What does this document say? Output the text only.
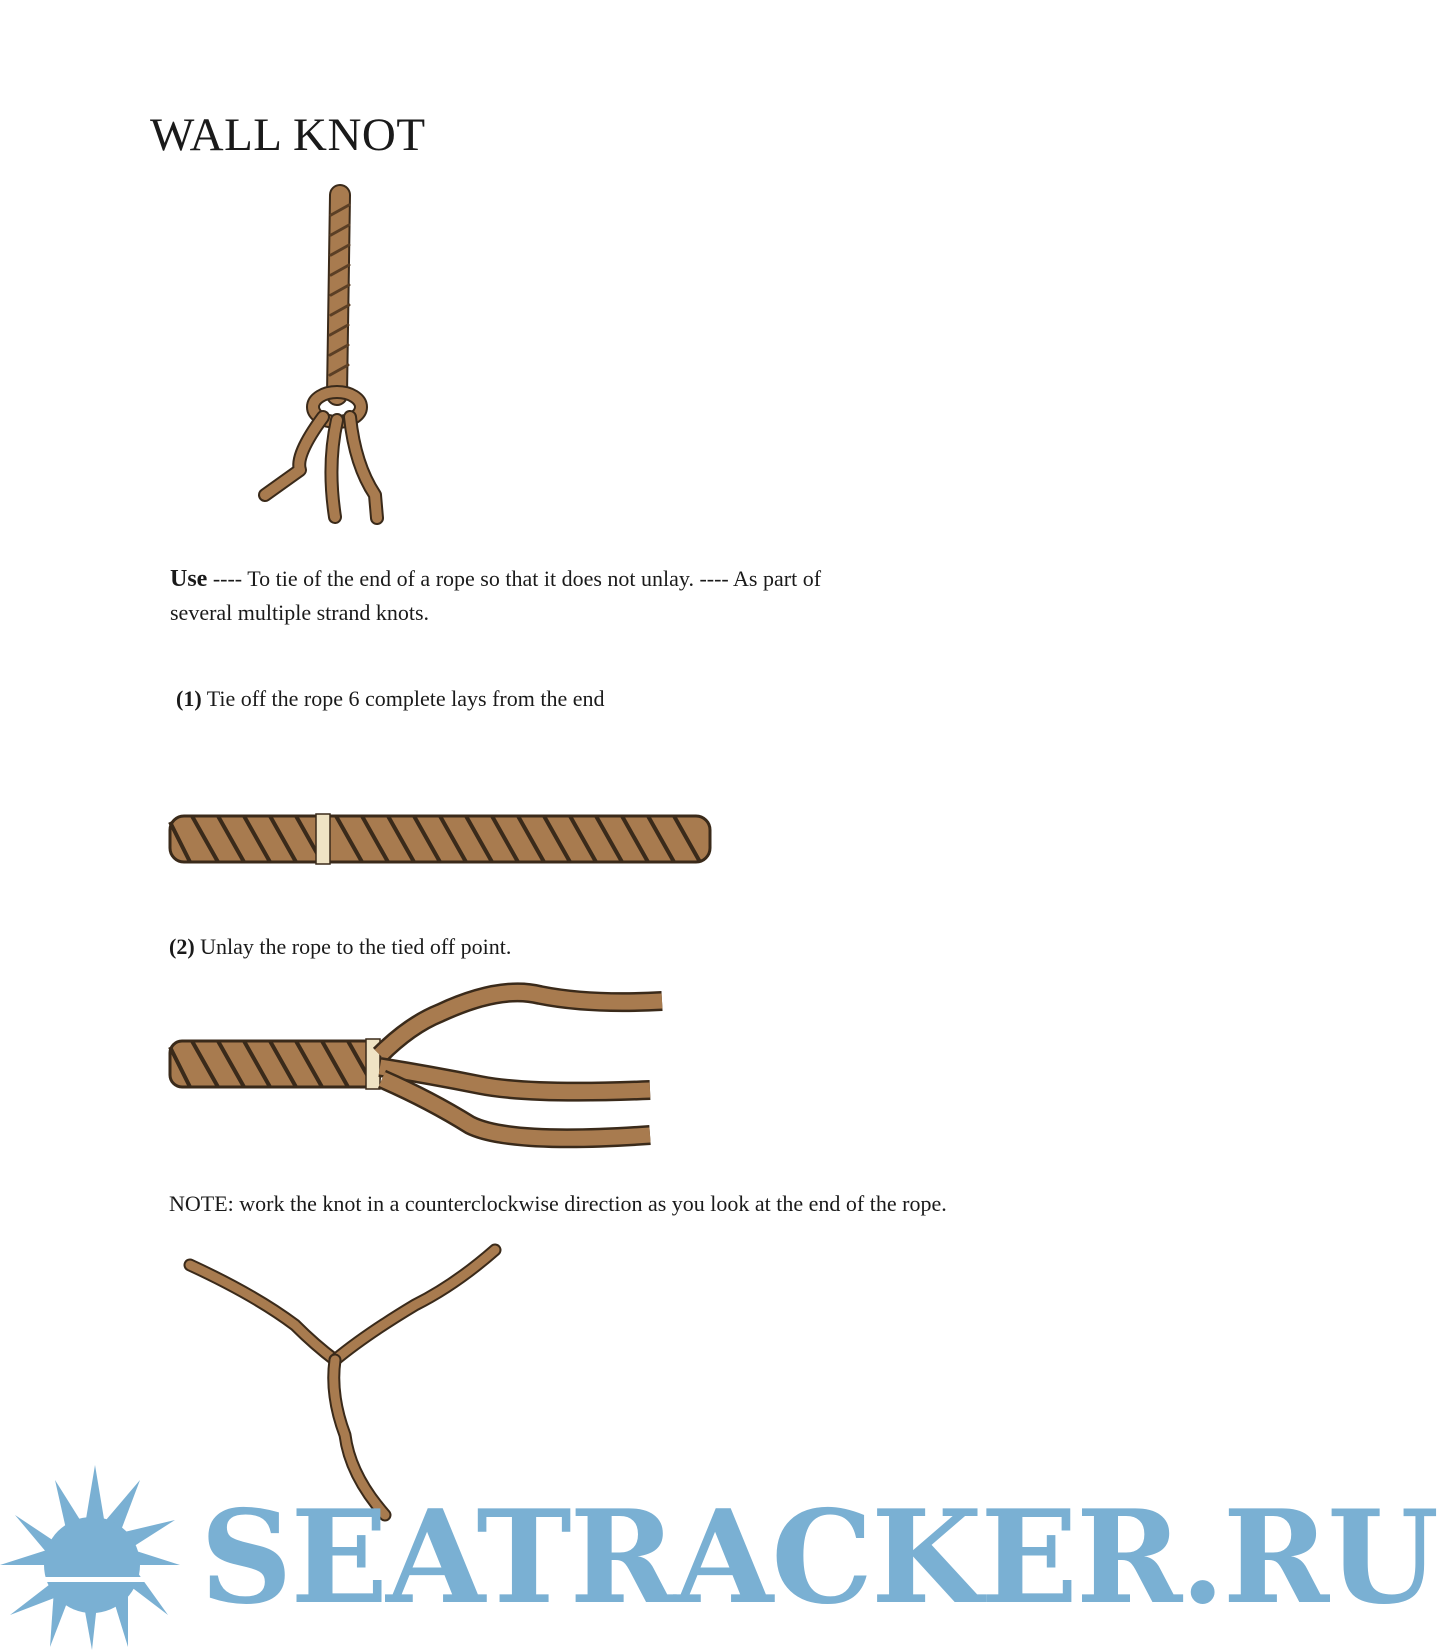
WALL KNOT
Use ---- To tie of the end of a rope so that it does not unlay. ---- As part of several multiple strand knots.
(1) Tie off the rope 6 complete lays from the end
(2) Unlay the rope to the tied off point.
NOTE: work the knot in a counterclockwise direction as you look at the end of the rope.
SEATRACKER.RU
